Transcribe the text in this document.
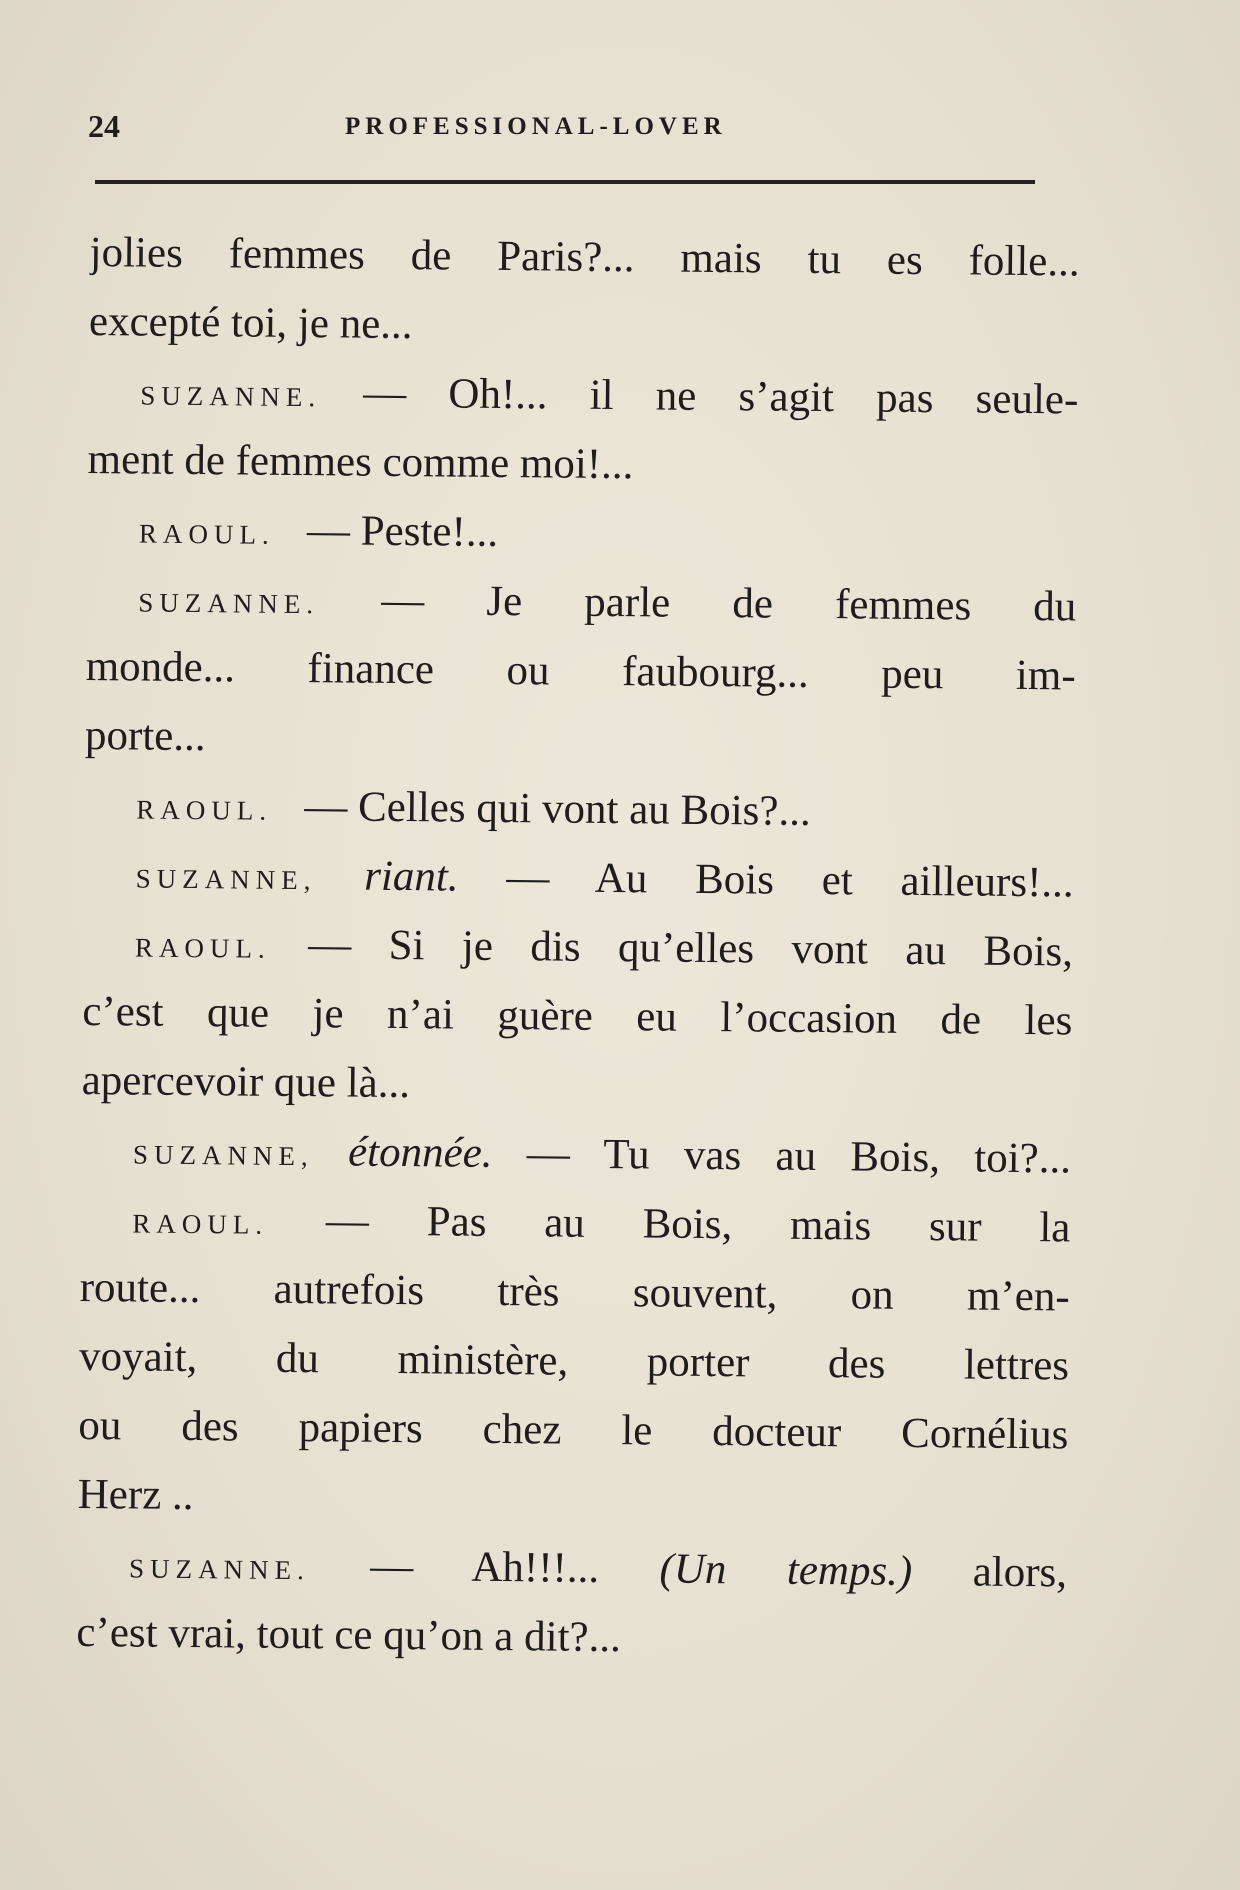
24	PROFESSIONAL-LOVER
jolies femmes de Paris?... mais tu es folle...
excepté toi, je ne...
SUZANNE. — Oh!... il ne s’agit pas seule-
ment de femmes comme moi!...
RAOUL. — Peste!...
SUZANNE. — Je parle de femmes du
monde... finance ou faubourg... peu im-
porte...
RAOUL. — Celles qui vont au Bois?...
SUZANNE, riant. — Au Bois et ailleurs!...
RAOUL. — Si je dis qu’elles vont au Bois,
c’est que je n’ai guère eu l’occasion de les
apercevoir que là...
SUZANNE, étonnée. — Tu vas au Bois, toi?...
RAOUL. — Pas au Bois, mais sur la
route... autrefois très souvent, on m’en-
voyait, du ministère, porter des lettres
ou des papiers chez le docteur Cornélius
Herz ..
SUZANNE. — Ah!!!... (Un temps.) alors,
c’est vrai, tout ce qu’on a dit?...
